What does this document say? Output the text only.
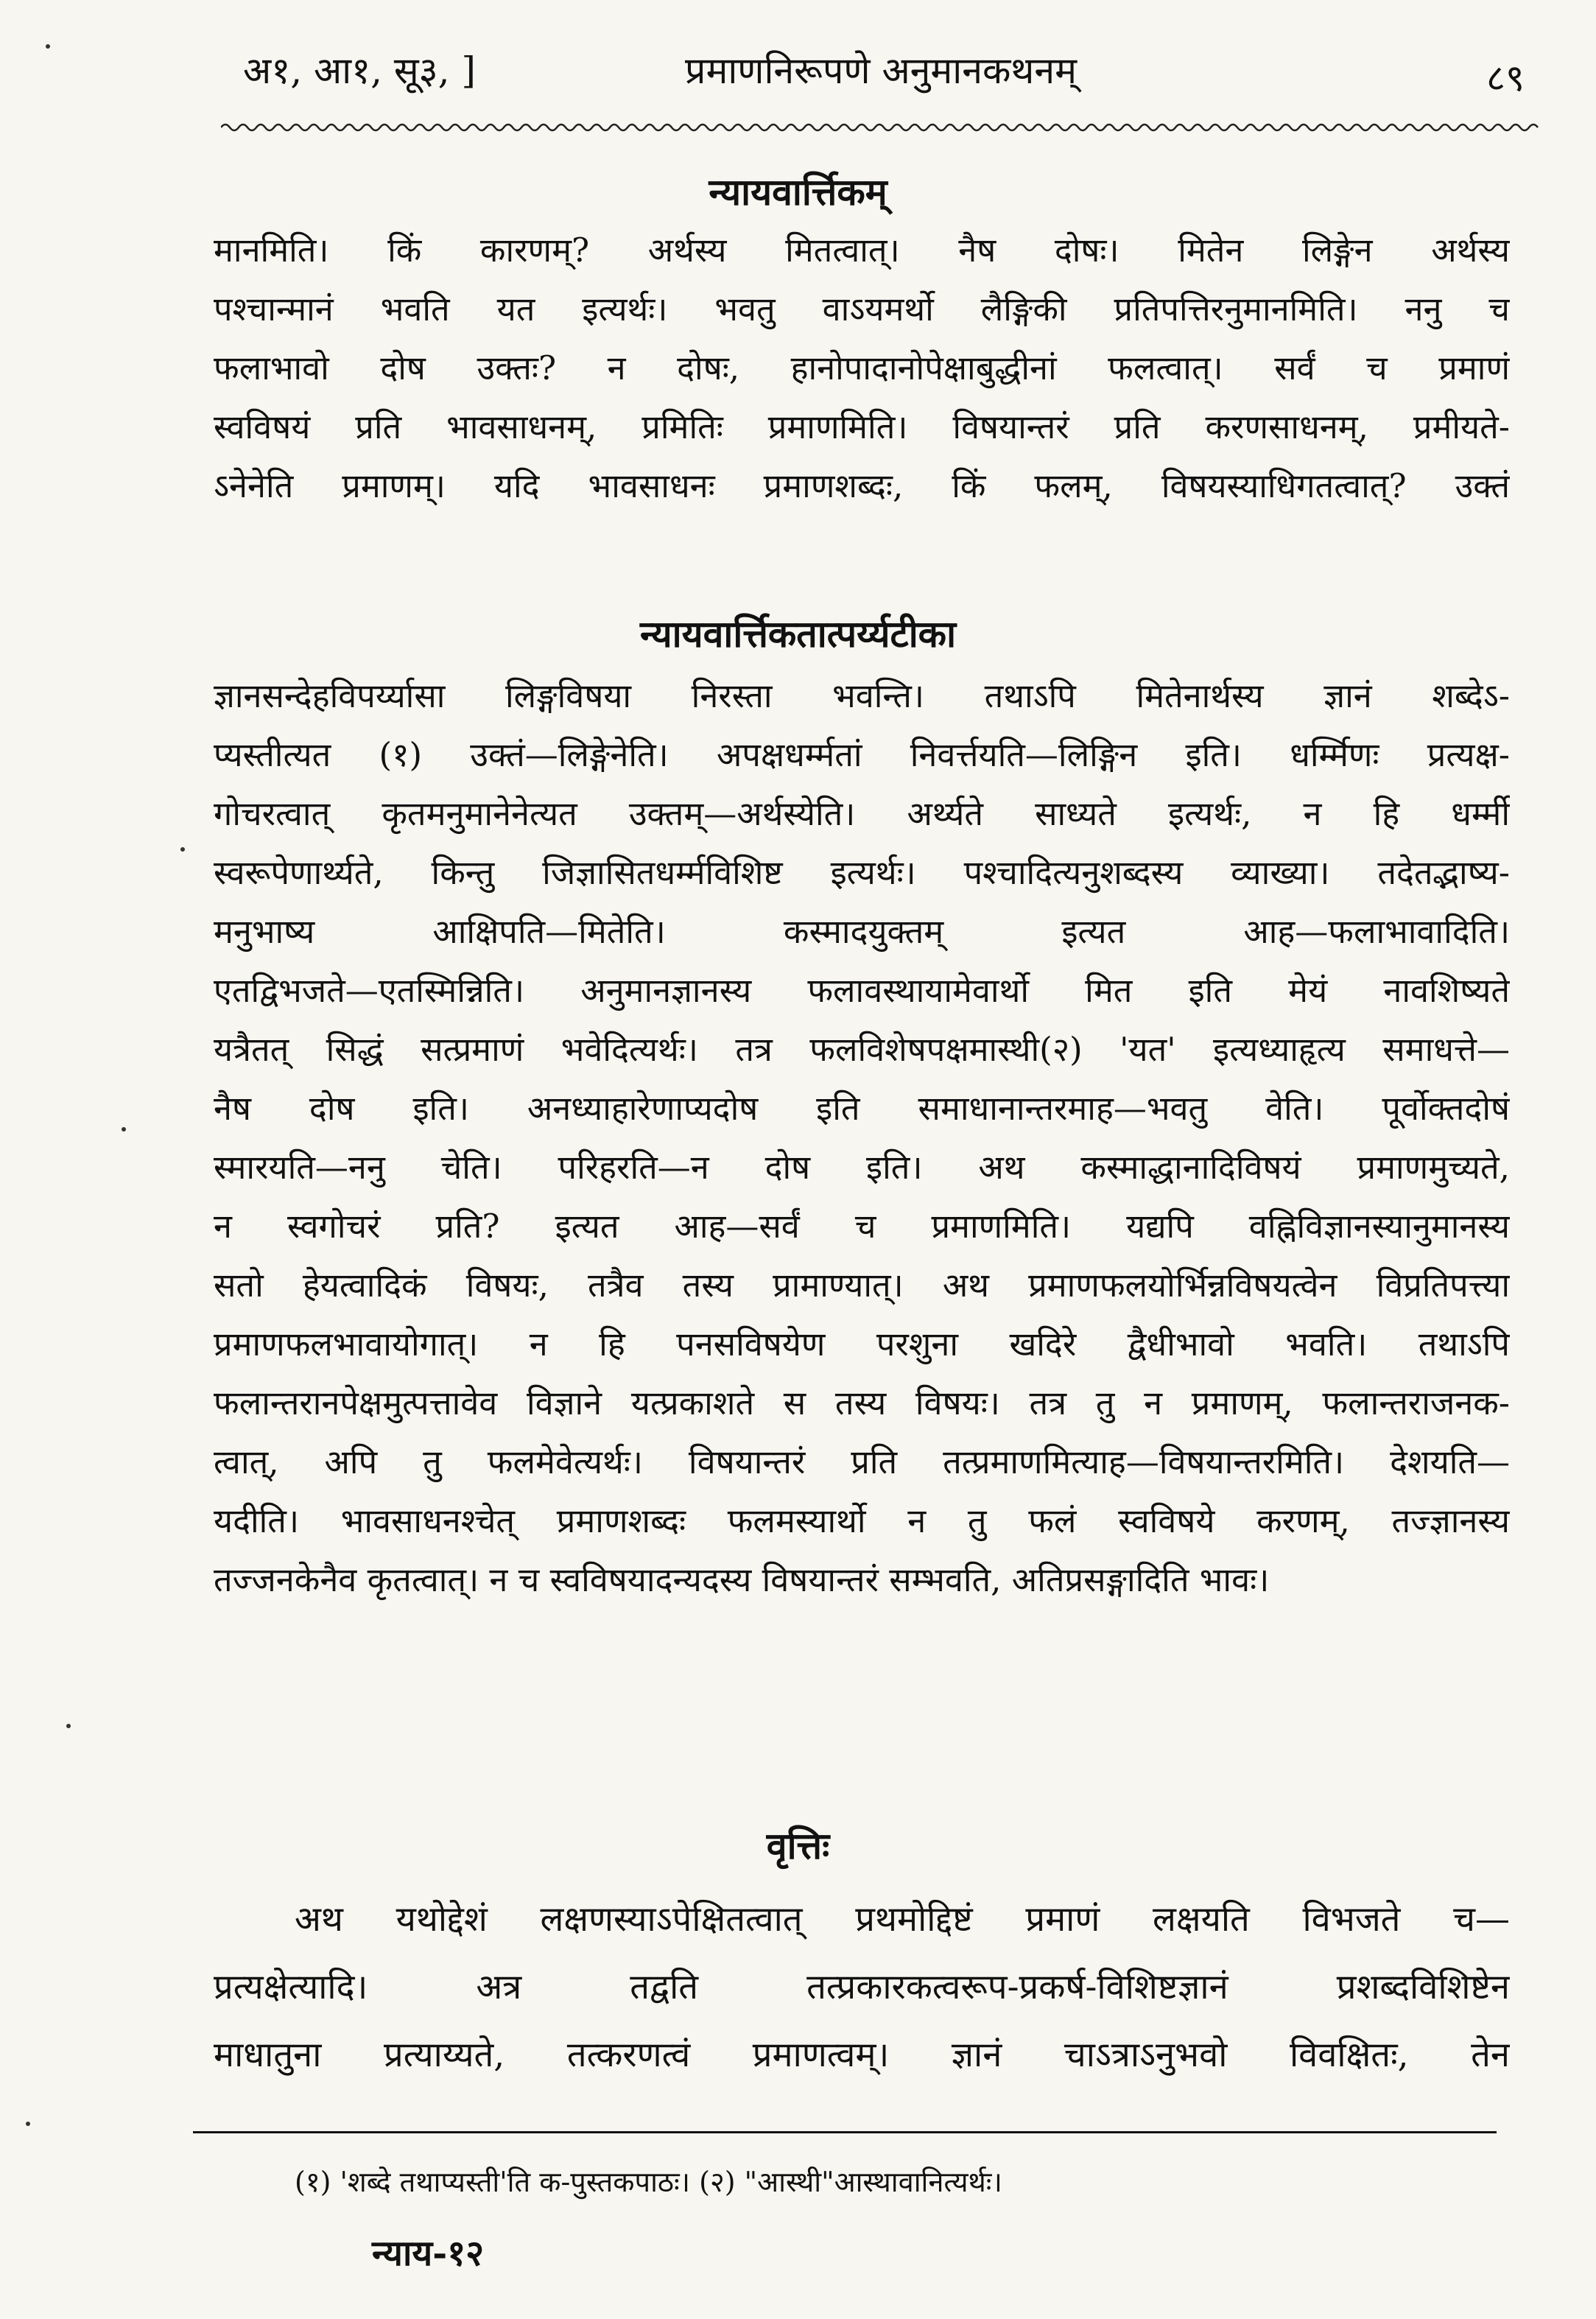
अ१, आ१, सू३, ]	प्रमाणनिरूपणे अनुमानकथनम्	८९
न्यायवार्त्तिकम्
मानमिति। किं कारणम्? अर्थस्य मितत्वात्। नैष दोषः। मितेन लिङ्गेन अर्थस्य
पश्चान्मानं भवति यत इत्यर्थः। भवतु वाऽयमर्थो लैङ्गिकी प्रतिपत्तिरनुमानमिति। ननु च
फलाभावो दोष उक्तः? न दोषः, हानोपादानोपेक्षाबुद्धीनां फलत्वात्। सर्वं च प्रमाणं
स्वविषयं प्रति भावसाधनम्, प्रमितिः प्रमाणमिति। विषयान्तरं प्रति करणसाधनम्, प्रमीयते-
ऽनेनेति प्रमाणम्। यदि भावसाधनः प्रमाणशब्दः, किं फलम्, विषयस्याधिगतत्वात्? उक्तं
न्यायवार्त्तिकतात्पर्य्यटीका
ज्ञानसन्देहविपर्य्यासा लिङ्गविषया निरस्ता भवन्ति। तथाऽपि मितेनार्थस्य ज्ञानं शब्देऽ-
प्यस्तीत्यत (१) उक्तं—लिङ्गेनेति। अपक्षधर्म्मतां निवर्त्तयति—लिङ्गिन इति। धर्म्मिणः प्रत्यक्ष-
गोचरत्वात् कृतमनुमानेनेत्यत उक्तम्—अर्थस्येति। अर्थ्यते साध्यते इत्यर्थः, न हि धर्म्मी
स्वरूपेणार्थ्यते, किन्तु जिज्ञासितधर्म्मविशिष्ट इत्यर्थः। पश्चादित्यनुशब्दस्य व्याख्या। तदेतद्भाष्य-
मनुभाष्य आक्षिपति—मितेति। कस्मादयुक्तम् इत्यत आह—फलाभावादिति।
एतद्विभजते—एतस्मिन्निति। अनुमानज्ञानस्य फलावस्थायामेवार्थो मित इति मेयं नावशिष्यते
यत्रैतत् सिद्धं सत्प्रमाणं भवेदित्यर्थः। तत्र फलविशेषपक्षमास्थी(२) 'यत' इत्यध्याहृत्य समाधत्ते—
नैष दोष इति। अनध्याहारेणाप्यदोष इति समाधानान्तरमाह—भवतु वेति। पूर्वोक्तदोषं
स्मारयति—ननु चेति। परिहरति—न दोष इति। अथ कस्माद्धानादिविषयं प्रमाणमुच्यते,
न स्वगोचरं प्रति? इत्यत आह—सर्वं च प्रमाणमिति। यद्यपि वह्निविज्ञानस्यानुमानस्य
सतो हेयत्वादिकं विषयः, तत्रैव तस्य प्रामाण्यात्। अथ प्रमाणफलयोर्भिन्नविषयत्वेन विप्रतिपत्त्या
प्रमाणफलभावायोगात्। न हि पनसविषयेण परशुना खदिरे द्वैधीभावो भवति। तथाऽपि
फलान्तरानपेक्षमुत्पत्तावेव विज्ञाने यत्प्रकाशते स तस्य विषयः। तत्र तु न प्रमाणम्, फलान्तराजनक-
त्वात्, अपि तु फलमेवेत्यर्थः। विषयान्तरं प्रति तत्प्रमाणमित्याह—विषयान्तरमिति। देशयति—
यदीति। भावसाधनश्चेत् प्रमाणशब्दः फलमस्यार्थो न तु फलं स्वविषये करणम्, तज्ज्ञानस्य
तज्जनकेनैव कृतत्वात्। न च स्वविषयादन्यदस्य विषयान्तरं सम्भवति, अतिप्रसङ्गादिति भावः।
वृत्तिः
अथ यथोद्देशं लक्षणस्याऽपेक्षितत्वात् प्रथमोद्दिष्टं प्रमाणं लक्षयति विभजते च—
प्रत्यक्षेत्यादि। अत्र तद्वति तत्प्रकारकत्वरूप-प्रकर्ष-विशिष्टज्ञानं प्रशब्दविशिष्टेन
माधातुना प्रत्याय्यते, तत्करणत्वं प्रमाणत्वम्। ज्ञानं चाऽत्राऽनुभवो विवक्षितः, तेन
(१) 'शब्दे तथाप्यस्ती'ति क-पुस्तकपाठः। (२) "आस्थी"आस्थावानित्यर्थः।
न्याय-१२
